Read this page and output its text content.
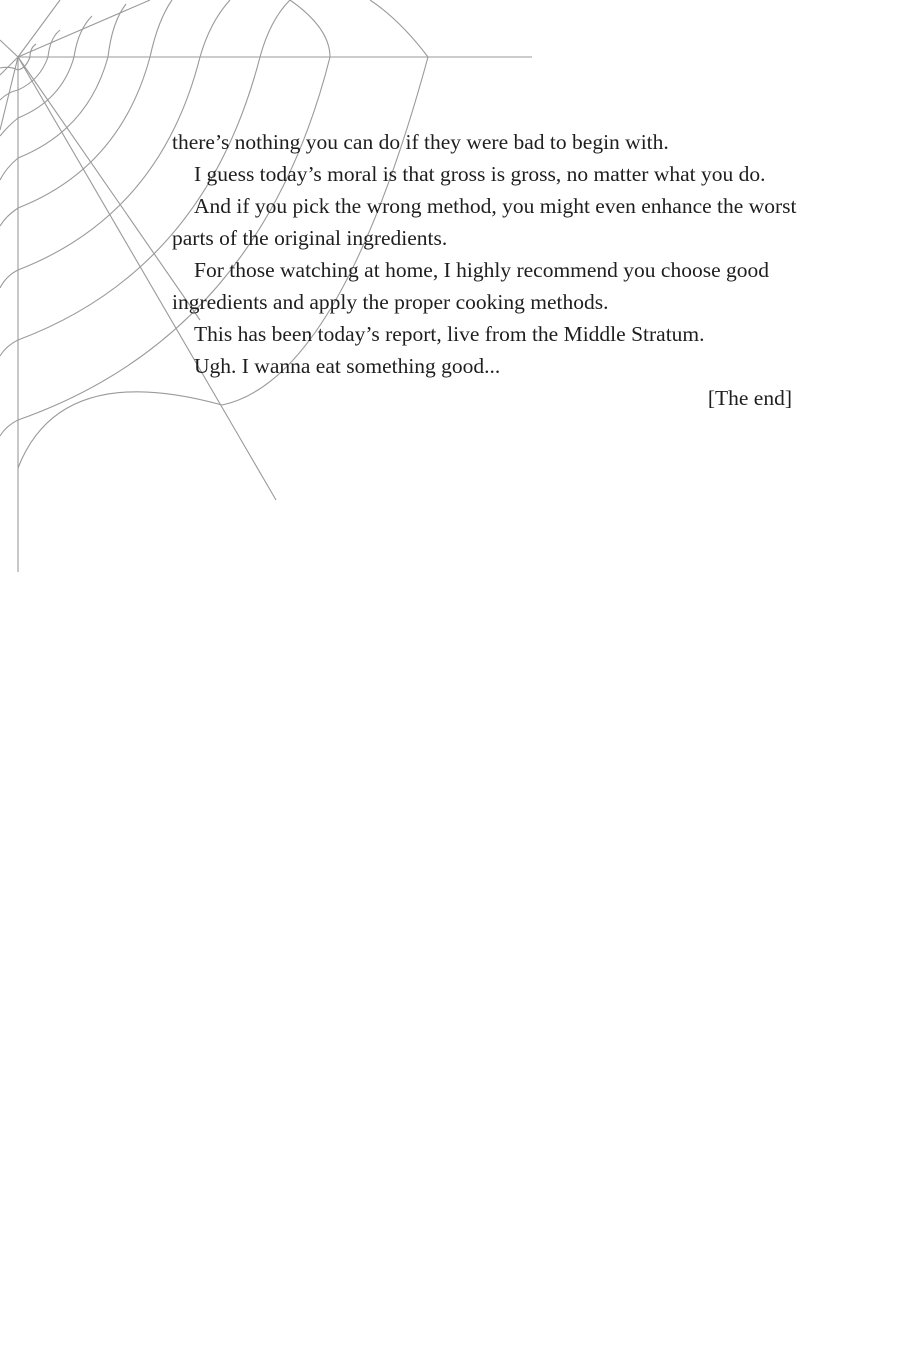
there’s nothing you can do if they were bad to begin with.

I guess today’s moral is that gross is gross, no matter what you do.

And if you pick the wrong method, you might even enhance the worst parts of the original ingredients.

For those watching at home, I highly recommend you choose good ingredients and apply the proper cooking methods.

This has been today’s report, live from the Middle Stratum.

Ugh. I wanna eat something good...

[The end]
